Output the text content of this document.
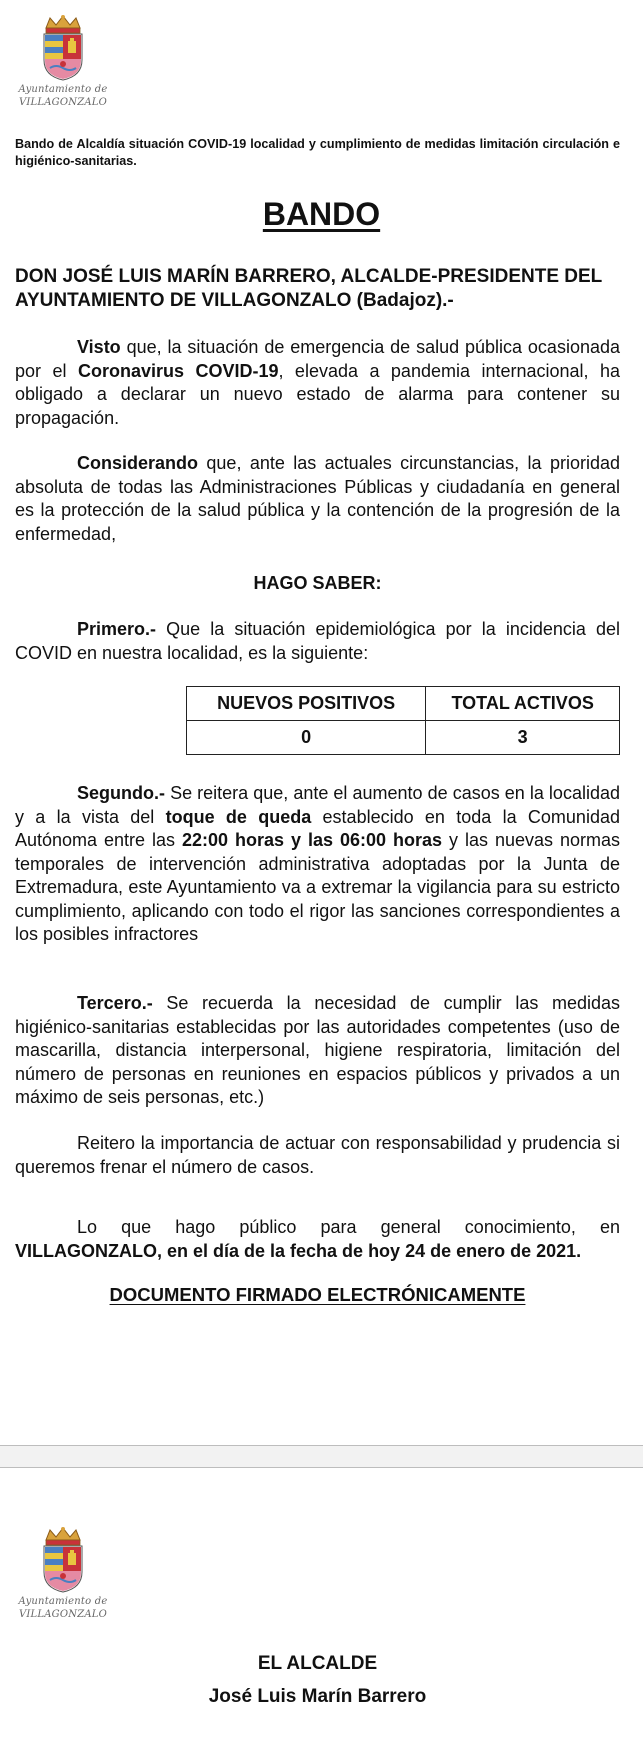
Ayuntamiento de
VILLAGONZALO
Bando de Alcaldía situación COVID-19 localidad y cumplimiento de medidas limitación circulación e higiénico-sanitarias.
BANDO
DON JOSÉ LUIS MARÍN BARRERO, ALCALDE-PRESIDENTE DEL AYUNTAMIENTO DE VILLAGONZALO (Badajoz).-

Visto que, la situación de emergencia de salud pública ocasionada por el Coronavirus COVID-19, elevada a pandemia internacional, ha obligado a declarar un nuevo estado de alarma para contener su propagación.

Considerando que, ante las actuales circunstancias, la prioridad absoluta de todas las Administraciones Públicas y ciudadanía en general es la protección de la salud pública y la contención de la progresión de la enfermedad,

HAGO SABER:

Primero.- Que la situación epidemiológica por la incidencia del COVID en nuestra localidad, es la siguiente:

NUEVOS POSITIVOS	TOTAL ACTIVOS
0	3

Segundo.- Se reitera que, ante el aumento de casos en la localidad y a la vista del toque de queda establecido en toda la Comunidad Autónoma entre las 22:00 horas y las 06:00 horas y las nuevas normas temporales de intervención administrativa adoptadas por la Junta de Extremadura, este Ayuntamiento va a extremar la vigilancia para su estricto cumplimiento, aplicando con todo el rigor las sanciones correspondientes a los posibles infractores

Tercero.- Se recuerda la necesidad de cumplir las medidas higiénico-sanitarias establecidas por las autoridades competentes (uso de mascarilla, distancia interpersonal, higiene respiratoria, limitación del número de personas en reuniones en espacios públicos y privados a un máximo de seis personas, etc.)

Reitero la importancia de actuar con responsabilidad y prudencia si queremos frenar el número de casos.

Lo que hago público para general conocimiento, en VILLAGONZALO, en el día de la fecha de hoy 24 de enero de 2021.

DOCUMENTO FIRMADO ELECTRÓNICAMENTE
Ayuntamiento de
VILLAGONZALO
EL ALCALDE
José Luis Marín Barrero
